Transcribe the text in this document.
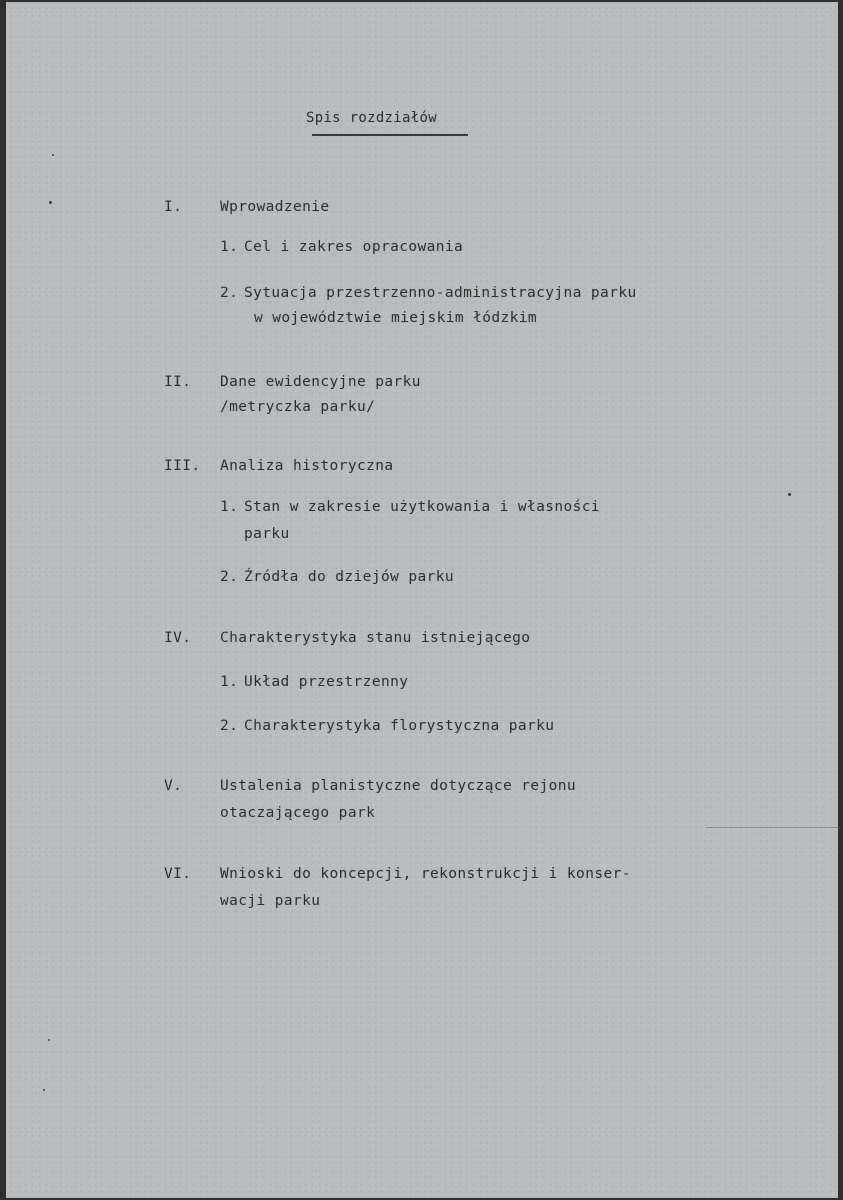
Spis rozdziałów
I.	Wprowadzenie
1. Cel i zakres opracowania
2. Sytuacja przestrzenno-administracyjna parku
w województwie miejskim łódzkim
II. Dane ewidencyjne parku
/metryczka parku/
III. Analiza historyczna
1. Stan w zakresie użytkowania i własności
parku
2. Źródła do dziejów parku
IV. Charakterystyka stanu istniejącego
1. Układ przestrzenny
2. Charakterystyka florystyczna parku
V.	Ustalenia planistyczne dotyczące rejonu
otaczającego park
VI. Wnioski do koncepcji, rekonstrukcji i konser-
wacji parku
